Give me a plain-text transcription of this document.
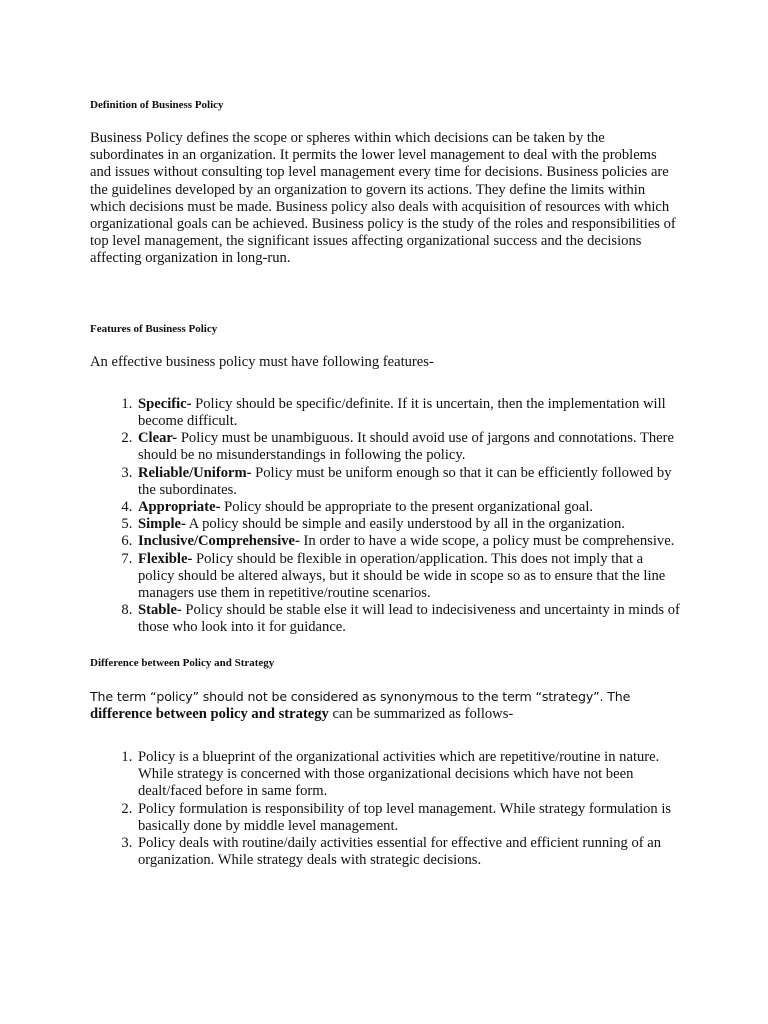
Definition of Business Policy

Business Policy defines the scope or spheres within which decisions can be taken by the subordinates in an organization. It permits the lower level management to deal with the problems and issues without consulting top level management every time for decisions. Business policies are the guidelines developed by an organization to govern its actions. They define the limits within which decisions must be made. Business policy also deals with acquisition of resources with which organizational goals can be achieved. Business policy is the study of the roles and responsibilities of top level management, the significant issues affecting organizational success and the decisions affecting organization in long-run.

Features of Business Policy

An effective business policy must have following features-

1. Specific- Policy should be specific/definite. If it is uncertain, then the implementation will become difficult.
2. Clear- Policy must be unambiguous. It should avoid use of jargons and connotations. There should be no misunderstandings in following the policy.
3. Reliable/Uniform- Policy must be uniform enough so that it can be efficiently followed by the subordinates.
4. Appropriate- Policy should be appropriate to the present organizational goal.
5. Simple- A policy should be simple and easily understood by all in the organization.
6. Inclusive/Comprehensive- In order to have a wide scope, a policy must be comprehensive.
7. Flexible- Policy should be flexible in operation/application. This does not imply that a policy should be altered always, but it should be wide in scope so as to ensure that the line managers use them in repetitive/routine scenarios.
8. Stable- Policy should be stable else it will lead to indecisiveness and uncertainty in minds of those who look into it for guidance.

Difference between Policy and Strategy

The term “policy” should not be considered as synonymous to the term “strategy”. The
difference between policy and strategy can be summarized as follows-

1. Policy is a blueprint of the organizational activities which are repetitive/routine in nature. While strategy is concerned with those organizational decisions which have not been dealt/faced before in same form.
2. Policy formulation is responsibility of top level management. While strategy formulation is basically done by middle level management.
3. Policy deals with routine/daily activities essential for effective and efficient running of an organization. While strategy deals with strategic decisions.
